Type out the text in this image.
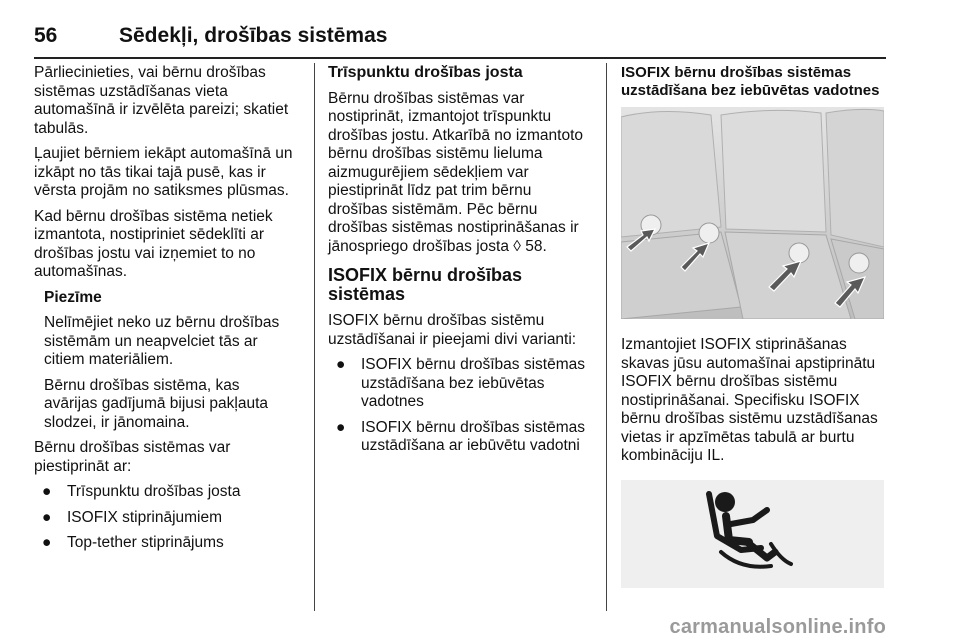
56	Sēdekļi, drošības sistēmas

Pārliecinieties, vai bērnu drošības
sistēmas uzstādīšanas vieta
automašīnā ir izvēlēta pareizi; skatiet
tabulās.

Ļaujiet bērniem iekāpt automašīnā un
izkāpt no tās tikai tajā pusē, kas ir
vērsta projām no satiksmes plūsmas.

Kad bērnu drošības sistēma netiek
izmantota, nostipriniet sēdeklīti ar
drošības jostu vai izņemiet to no
automašīnas.

Piezīme

Nelīmējiet neko uz bērnu drošības
sistēmām un neapvelciet tās ar
citiem materiāliem.

Bērnu drošības sistēma, kas
avārijas gadījumā bijusi pakļauta
slodzei, ir jānomaina.

Bērnu drošības sistēmas var
piestiprināt ar:

● Trīspunktu drošības josta
● ISOFIX stiprinājumiem
● Top-tether stiprinājums
Trīspunktu drošības josta

Bērnu drošības sistēmas var
nostiprināt, izmantojot trīspunktu
drošības jostu. Atkarībā no izmantoto
bērnu drošības sistēmu lieluma
aizmugurējiem sēdekļiem var
piestiprināt līdz pat trim bērnu
drošības sistēmām. Pēc bērnu
drošības sistēmas nostiprināšanas ir
jānospriego drošības josta ◊ 58.

ISOFIX bērnu drošības sistēmas

ISOFIX bērnu drošības sistēmu
uzstādīšanai ir pieejami divi varianti:

● ISOFIX bērnu drošības sistēmas
uzstādīšana bez iebūvētas
vadotnes
● ISOFIX bērnu drošības sistēmas
uzstādīšana ar iebūvētu vadotni
ISOFIX bērnu drošības sistēmas
uzstādīšana bez iebūvētas vadotnes

Izmantojiet ISOFIX stiprināšanas
skavas jūsu automašīnai apstiprinātu
ISOFIX bērnu drošības sistēmu
nostiprināšanai. Specifisku ISOFIX
bērnu drošības sistēmu uzstādīšanas
vietas ir apzīmētas tabulā ar burtu
kombināciju IL.

carmanualsonline.info
